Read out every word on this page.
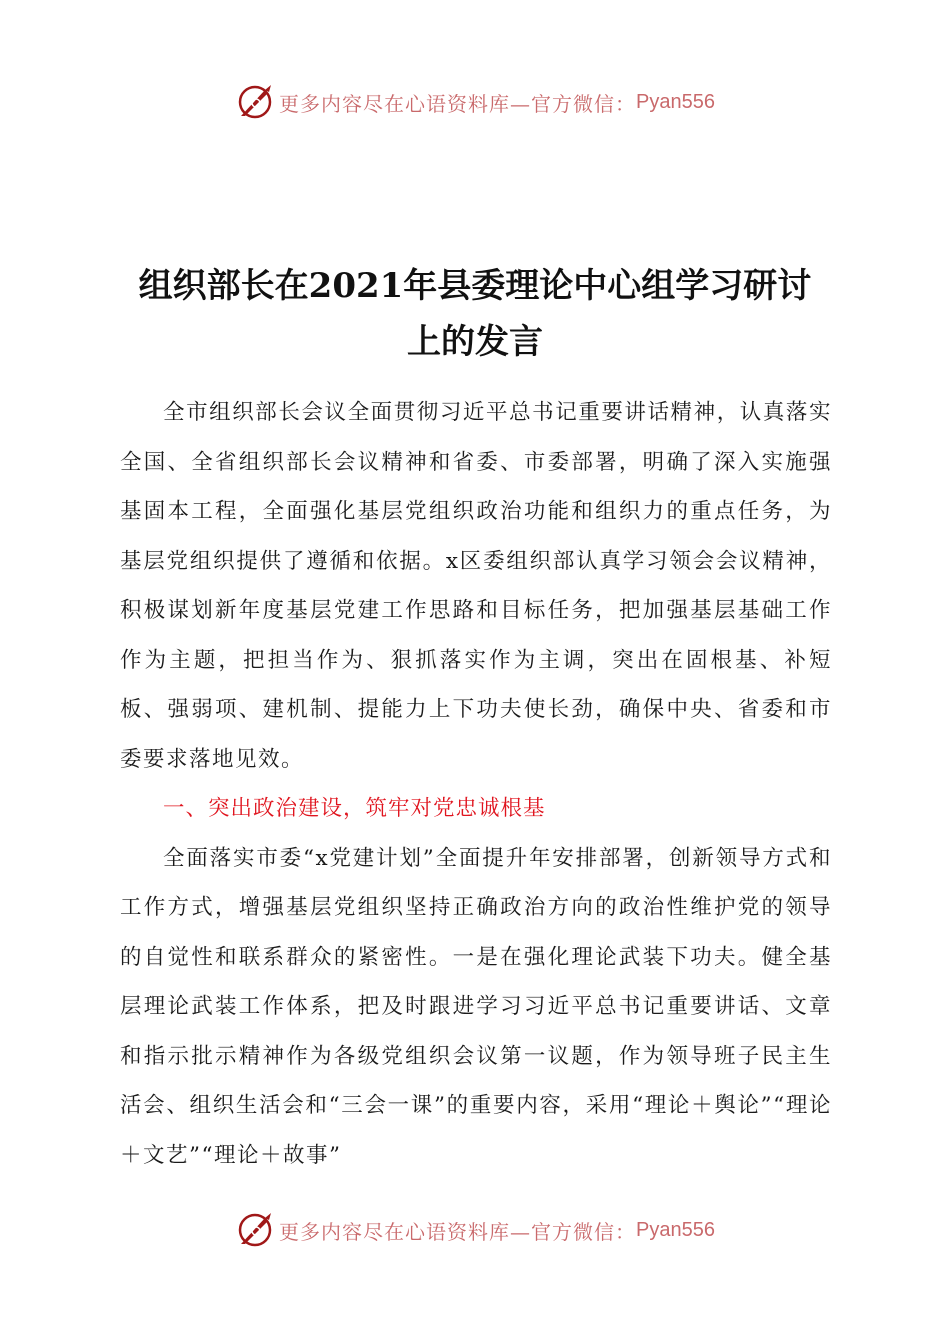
更多内容尽在心语资料库—官方微信： Pyan556
组织部长在2021年县委理论中心组学习研讨
上的发言

全市组织部长会议全面贯彻习近平总书记重要讲话精神，认真落实全国、全省组织部长会议精神和省委、市委部署，明确了深入实施强基固本工程，全面强化基层党组织政治功能和组织力的重点任务，为基层党组织提供了遵循和依据。x区委组织部认真学习领会会议精神，积极谋划新年度基层党建工作思路和目标任务，把加强基层基础工作作为主题，把担当作为、狠抓落实作为主调，突出在固根基、补短板、强弱项、建机制、提能力上下功夫使长劲，确保中央、省委和市委要求落地见效。

一、突出政治建设，筑牢对党忠诚根基

全面落实市委“x党建计划”全面提升年安排部署，创新领导方式和工作方式，增强基层党组织坚持正确政治方向的政治性维护党的领导的自觉性和联系群众的紧密性。一是在强化理论武装下功夫。健全基层理论武装工作体系，把及时跟进学习习近平总书记重要讲话、文章和指示批示精神作为各级党组织会议第一议题，作为领导班子民主生活会、组织生活会和“三会一课”的重要内容，采用“理论＋舆论”“理论＋文艺”“理论＋故事”

更多内容尽在心语资料库—官方微信： Pyan556
